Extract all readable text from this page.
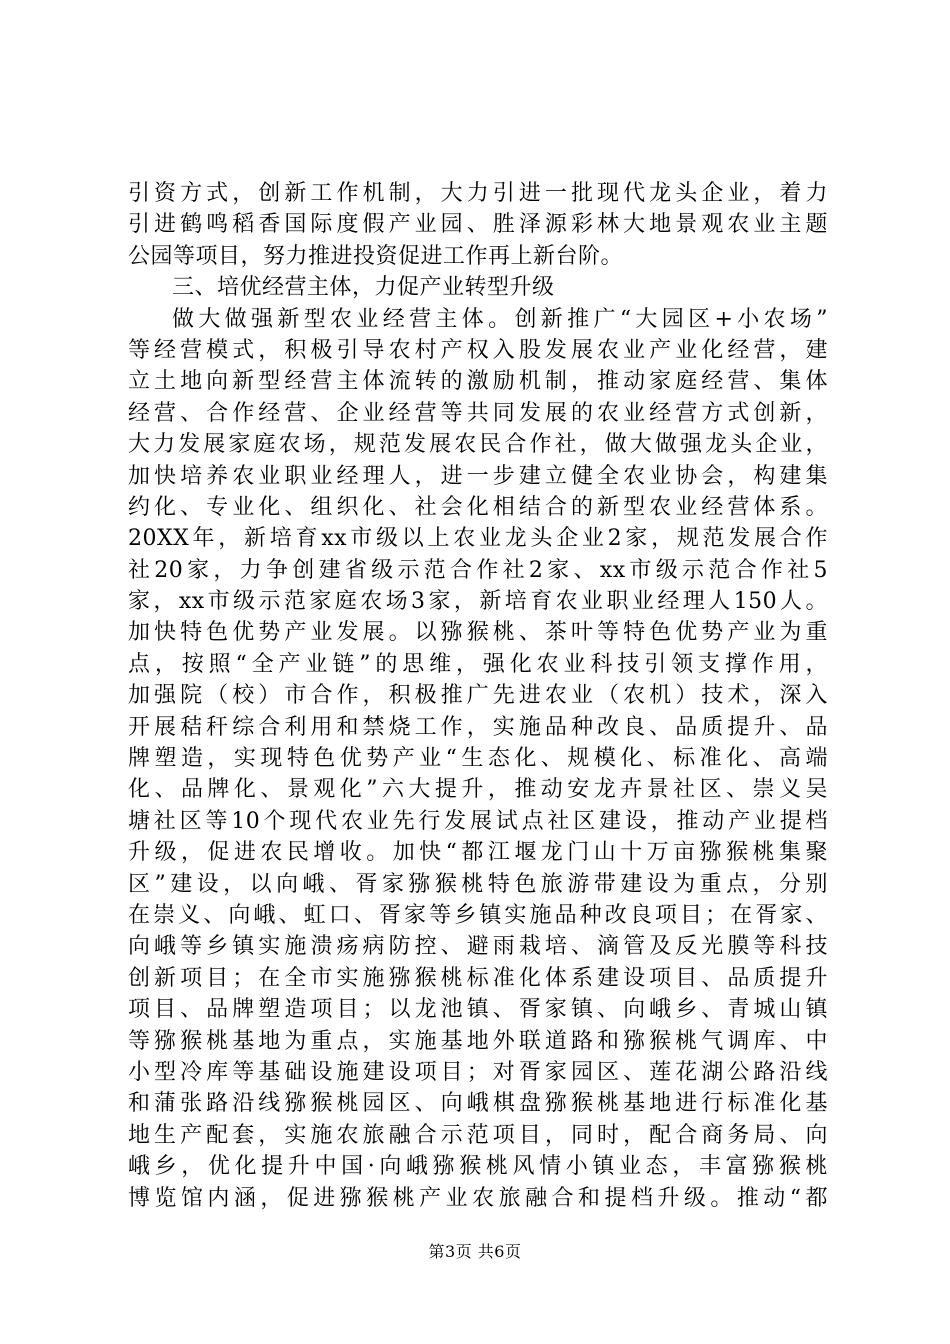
引资方式，创新工作机制，大力引进一批现代龙头企业，着力
引进鹤鸣稻香国际度假产业园、胜泽源彩林大地景观农业主题
公园等项目，努力推进投资促进工作再上新台阶。
三、培优经营主体，力促产业转型升级
做大做强新型农业经营主体。创新推广“大园区+小农场”
等经营模式，积极引导农村产权入股发展农业产业化经营，建
立土地向新型经营主体流转的激励机制，推动家庭经营、集体
经营、合作经营、企业经营等共同发展的农业经营方式创新，
大力发展家庭农场，规范发展农民合作社，做大做强龙头企业，
加快培养农业职业经理人，进一步建立健全农业协会，构建集
约化、专业化、组织化、社会化相结合的新型农业经营体系。
20XX年，新培育xx市级以上农业龙头企业2家，规范发展合作
社20家，力争创建省级示范合作社2家、xx市级示范合作社5
家，xx市级示范家庭农场3家，新培育农业职业经理人150人。
加快特色优势产业发展。以猕猴桃、茶叶等特色优势产业为重
点，按照“全产业链”的思维，强化农业科技引领支撑作用，
加强院（校）市合作，积极推广先进农业（农机）技术，深入
开展秸秆综合利用和禁烧工作，实施品种改良、品质提升、品
牌塑造，实现特色优势产业“生态化、规模化、标准化、高端
化、品牌化、景观化”六大提升，推动安龙卉景社区、崇义吴
塘社区等10个现代农业先行发展试点社区建设，推动产业提档
升级，促进农民增收。加快“都江堰龙门山十万亩猕猴桃集聚
区”建设，以向峨、胥家猕猴桃特色旅游带建设为重点，分别
在崇义、向峨、虹口、胥家等乡镇实施品种改良项目；在胥家、
向峨等乡镇实施溃疡病防控、避雨栽培、滴管及反光膜等科技
创新项目；在全市实施猕猴桃标准化体系建设项目、品质提升
项目、品牌塑造项目；以龙池镇、胥家镇、向峨乡、青城山镇
等猕猴桃基地为重点，实施基地外联道路和猕猴桃气调库、中
小型冷库等基础设施建设项目；对胥家园区、莲花湖公路沿线
和蒲张路沿线猕猴桃园区、向峨棋盘猕猴桃基地进行标准化基
地生产配套，实施农旅融合示范项目，同时，配合商务局、向
峨乡，优化提升中国·向峨猕猴桃风情小镇业态，丰富猕猴桃
博览馆内涵，促进猕猴桃产业农旅融合和提档升级。推动“都
第3页 共6页
